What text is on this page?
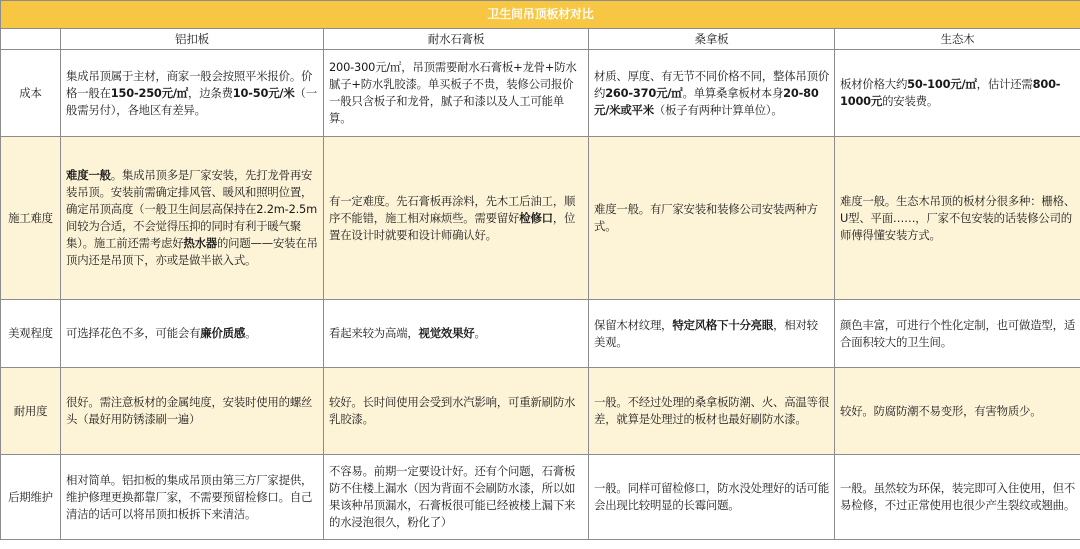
卫生间吊顶板材对比				
	铝扣板	耐水石膏板	桑拿板	生态木
成本	集成吊顶属于主材，商家一般会按照平米报价。价格一般在150-250元/㎡，边条费10-50元/米（一般需另付），各地区有差异。	200-300元/㎡，吊顶需要耐水石膏板+龙骨+防水腻子+防水乳胶漆。单买板子不贵，装修公司报价一般只含板子和龙骨，腻子和漆以及人工可能单算。	材质、厚度、有无节不同价格不同，整体吊顶价约260-370元/㎡。单算桑拿板材本身20-80元/米或平米（板子有两种计算单位）。	板材价格大约50-100元/㎡，估计还需800-1000元的安装费。

施工难度	难度一般。集成吊顶多是厂家安装，先打龙骨再安装吊顶。安装前需确定排风管、暖风和照明位置，确定吊顶高度（一般卫生间层高保持在2.2m-2.5m间较为合适，不会觉得压抑的同时有利于暖气聚集）。施工前还需考虑好热水器的问题——安装在吊顶内还是吊顶下，亦或是做半嵌入式。	有一定难度。先石膏板再涂料，先木工后油工，顺序不能错，施工相对麻烦些。需要留好检修口，位置在设计时就要和设计师确认好。	难度一般。有厂家安装和装修公司安装两种方式。	难度一般。生态木吊顶的板材分很多种：栅格、U型、平面……，厂家不包安装的话装修公司的师傅得懂安装方式。

美观程度	可选择花色不多，可能会有廉价质感。	看起来较为高端，视觉效果好。	保留木材纹理，特定风格下十分亮眼，相对较美观。	颜色丰富，可进行个性化定制，也可做造型，适合面积较大的卫生间。

耐用度	很好。需注意板材的金属纯度，安装时使用的螺丝头（最好用防锈漆刷一遍）	较好。长时间使用会受到水汽影响，可重新刷防水乳胶漆。	一般。不经过处理的桑拿板防潮、火、高温等很差，就算是处理过的板材也最好刷防水漆。	较好。防腐防潮不易变形，有害物质少。

后期维护	相对简单。铝扣板的集成吊顶由第三方厂家提供，维护修理更换都靠厂家，不需要预留检修口。自己清洁的话可以将吊顶扣板拆下来清洁。	不容易。前期一定要设计好。还有个问题，石膏板防不住楼上漏水（因为背面不会刷防水漆，所以如果该种吊顶漏水，石膏板很可能已经被楼上漏下来的水浸泡很久，粉化了）	一般。同样可留检修口，防水没处理好的话可能会出现比较明显的长霉问题。	一般。虽然较为环保，装完即可入住使用，但不易检修，不过正常使用也很少产生裂纹或翘曲。
